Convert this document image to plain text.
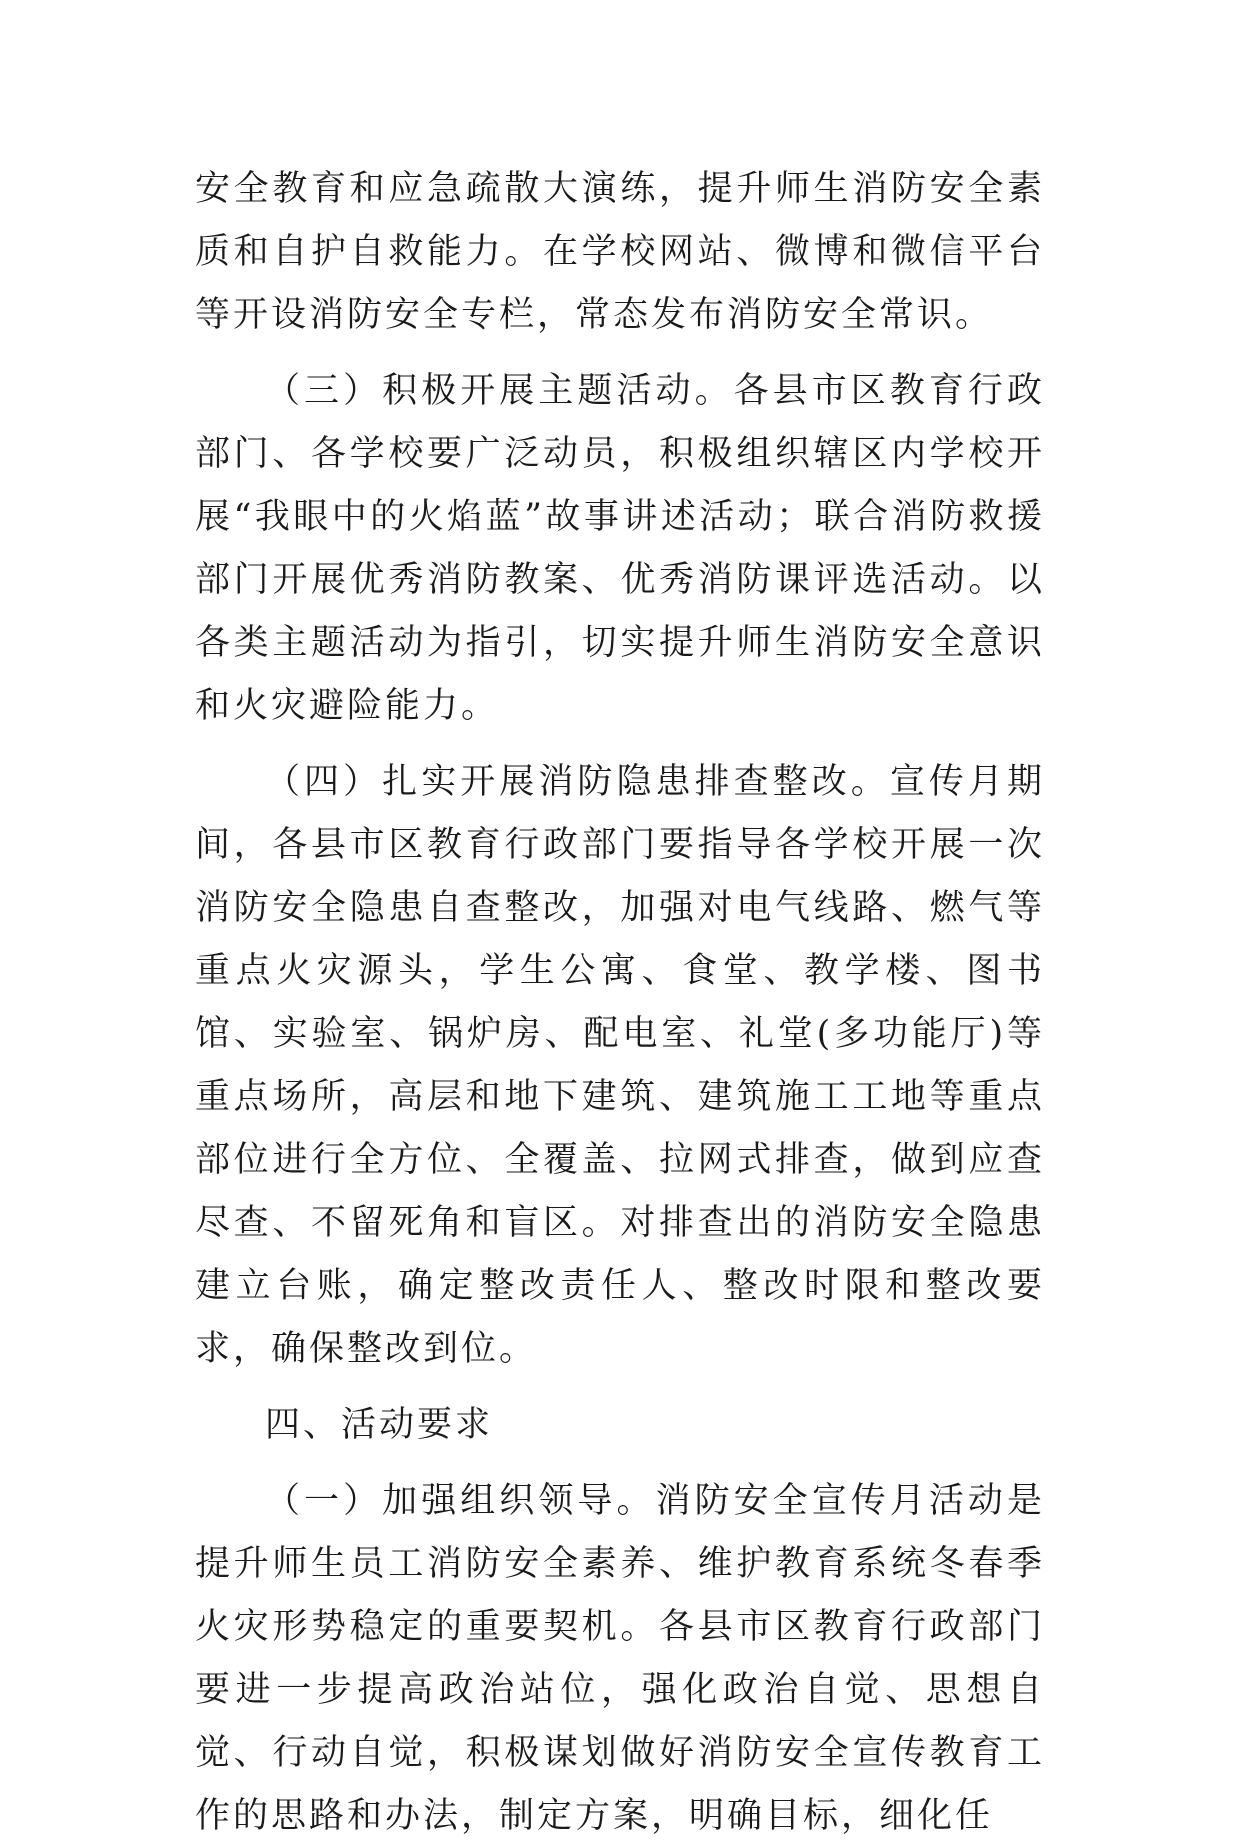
安全教育和应急疏散大演练，提升师生消防安全素质和自护自救能力。在学校网站、微博和微信平台等开设消防安全专栏，常态发布消防安全常识。

（三）积极开展主题活动。各县市区教育行政部门、各学校要广泛动员，积极组织辖区内学校开展“我眼中的火焰蓝”故事讲述活动；联合消防救援部门开展优秀消防教案、优秀消防课评选活动。以各类主题活动为指引，切实提升师生消防安全意识和火灾避险能力。

（四）扎实开展消防隐患排查整改。宣传月期间，各县市区教育行政部门要指导各学校开展一次消防安全隐患自查整改，加强对电气线路、燃气等重点火灾源头，学生公寓、食堂、教学楼、图书馆、实验室、锅炉房、配电室、礼堂(多功能厅)等重点场所，高层和地下建筑、建筑施工工地等重点部位进行全方位、全覆盖、拉网式排查，做到应查尽查、不留死角和盲区。对排查出的消防安全隐患建立台账，确定整改责任人、整改时限和整改要求，确保整改到位。

四、活动要求

（一）加强组织领导。消防安全宣传月活动是提升师生员工消防安全素养、维护教育系统冬春季火灾形势稳定的重要契机。各县市区教育行政部门要进一步提高政治站位，强化政治自觉、思想自觉、行动自觉，积极谋划做好消防安全宣传教育工作的思路和办法，制定方案，明确目标，细化任
